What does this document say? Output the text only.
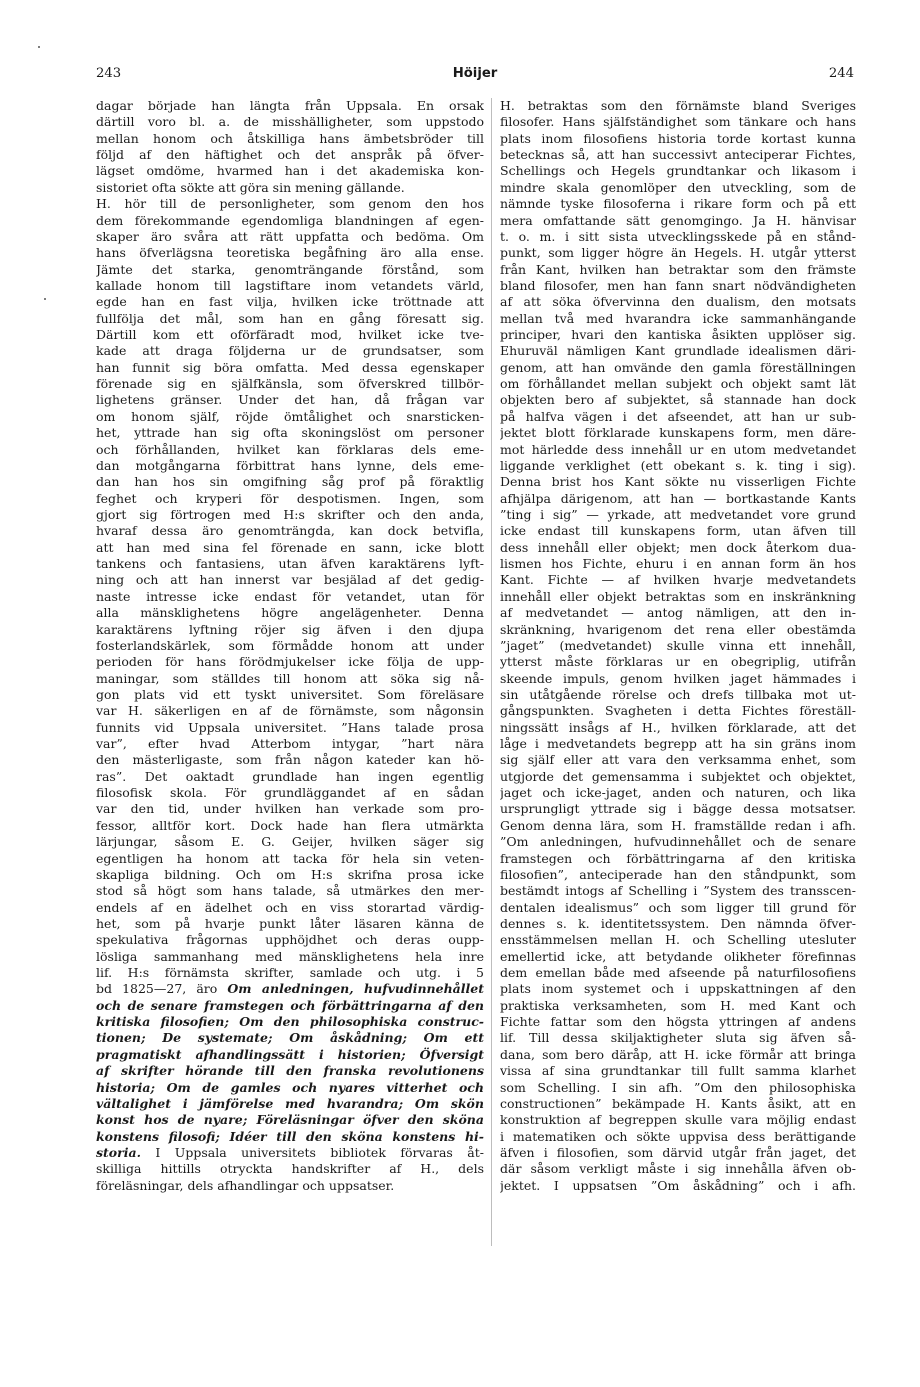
243	Höijer	244
dagar började han längta från Uppsala. En orsak
därtill voro bl. a. de misshälligheter, som uppstodo
mellan honom och åtskilliga hans ämbetsbröder till
följd af den häftighet och det anspråk på öfver-
lägset omdöme, hvarmed han i det akademiska kon-
sistoriet ofta sökte att göra sin mening gällande.
H. hör till de personligheter, som genom den hos
dem förekommande egendomliga blandningen af egen-
skaper äro svåra att rätt uppfatta och bedöma. Om
hans öfverlägsna teoretiska begåfning äro alla ense.
Jämte det starka, genomträngande förstånd, som
kallade honom till lagstiftare inom vetandets värld,
egde han en fast vilja, hvilken icke tröttnade att
fullfölja det mål, som han en gång föresatt sig.
Därtill kom ett oförfäradt mod, hvilket icke tve-
kade att draga följderna ur de grundsatser, som
han funnit sig böra omfatta. Med dessa egenskaper
förenade sig en själfkänsla, som öfverskred tillbör-
lighetens gränser. Under det han, då frågan var
om honom själf, röjde ömtålighet och snarsticken-
het, yttrade han sig ofta skoningslöst om personer
och förhållanden, hvilket kan förklaras dels eme-
dan motgångarna förbittrat hans lynne, dels eme-
dan han hos sin omgifning såg prof på föraktlig
feghet och kryperi för despotismen. Ingen, som
gjort sig förtrogen med H:s skrifter och den anda,
hvaraf dessa äro genomträngda, kan dock betvifla,
att han med sina fel förenade en sann, icke blott
tankens och fantasiens, utan äfven karaktärens lyft-
ning och att han innerst var besjälad af det gedig-
naste intresse icke endast för vetandet, utan för
alla mänsklighetens högre angelägenheter. Denna
karaktärens lyftning röjer sig äfven i den djupa
fosterlandskärlek, som förmådde honom att under
perioden för hans förödmjukelser icke följa de upp-
maningar, som ställdes till honom att söka sig nå-
gon plats vid ett tyskt universitet. Som föreläsare
var H. säkerligen en af de förnämste, som någonsin
funnits vid Uppsala universitet. ”Hans talade prosa
var”, efter hvad Atterbom intygar, ”hart nära
den mästerligaste, som från någon kateder kan hö-
ras”. Det oaktadt grundlade han ingen egentlig
filosofisk skola. För grundläggandet af en sådan
var den tid, under hvilken han verkade som pro-
fessor, alltför kort. Dock hade han flera utmärkta
lärjungar, såsom E. G. Geijer, hvilken säger sig
egentligen ha honom att tacka för hela sin veten-
skapliga bildning. Och om H:s skrifna prosa icke
stod så högt som hans talade, så utmärkes den mer-
endels af en ädelhet och en viss storartad värdig-
het, som på hvarje punkt låter läsaren känna de
spekulativa frågornas upphöjdhet och deras oupp-
lösliga sammanhang med mänsklighetens hela inre
lif. H:s förnämsta skrifter, samlade och utg. i 5
bd 1825—27, äro Om anledningen, hufvudinnehållet
och de senare framstegen och förbättringarna af den
kritiska filosofien; Om den philosophiska construc-
tionen; De systemate; Om åskådning; Om ett
pragmatiskt afhandlingssätt i historien; Öfversigt
af skrifter hörande till den franska revolutionens
historia; Om de gamles och nyares vitterhet och
vältalighet i jämförelse med hvarandra; Om skön
konst hos de nyare; Föreläsningar öfver den sköna
konstens filosofi; Idéer till den sköna konstens hi-
storia. I Uppsala universitets bibliotek förvaras åt-
skilliga hittills otryckta handskrifter af H., dels
föreläsningar, dels afhandlingar och uppsatser.
H. betraktas som den förnämste bland Sveriges
filosofer. Hans själfständighet som tänkare och hans
plats inom filosofiens historia torde kortast kunna
betecknas så, att han successivt anteciperar Fichtes,
Schellings och Hegels grundtankar och likasom i
mindre skala genomlöper den utveckling, som de
nämnde tyske filosoferna i rikare form och på ett
mera omfattande sätt genomgingo. Ja H. hänvisar
t. o. m. i sitt sista utvecklingsskede på en stånd-
punkt, som ligger högre än Hegels. H. utgår ytterst
från Kant, hvilken han betraktar som den främste
bland filosofer, men han fann snart nödvändigheten
af att söka öfvervinna den dualism, den motsats
mellan två med hvarandra icke sammanhängande
principer, hvari den kantiska åsikten upplöser sig.
Ehuruväl nämligen Kant grundlade idealismen däri-
genom, att han omvände den gamla föreställningen
om förhållandet mellan subjekt och objekt samt lät
objekten bero af subjektet, så stannade han dock
på halfva vägen i det afseendet, att han ur sub-
jektet blott förklarade kunskapens form, men däre-
mot härledde dess innehåll ur en utom medvetandet
liggande verklighet (ett obekant s. k. ting i sig).
Denna brist hos Kant sökte nu visserligen Fichte
afhjälpa därigenom, att han — bortkastande Kants
”ting i sig” — yrkade, att medvetandet vore grund
icke endast till kunskapens form, utan äfven till
dess innehåll eller objekt; men dock återkom dua-
lismen hos Fichte, ehuru i en annan form än hos
Kant. Fichte — af hvilken hvarje medvetandets
innehåll eller objekt betraktas som en inskränkning
af medvetandet — antog nämligen, att den in-
skränkning, hvarigenom det rena eller obestämda
”jaget” (medvetandet) skulle vinna ett innehåll,
ytterst måste förklaras ur en obegriplig, utifrån
skeende impuls, genom hvilken jaget hämmades i
sin utåtgående rörelse och drefs tillbaka mot ut-
gångspunkten. Svagheten i detta Fichtes föreställ-
ningssätt insågs af H., hvilken förklarade, att det
låge i medvetandets begrepp att ha sin gräns inom
sig själf eller att vara den verksamma enhet, som
utgjorde det gemensamma i subjektet och objektet,
jaget och icke-jaget, anden och naturen, och lika
ursprungligt yttrade sig i bägge dessa motsatser.
Genom denna lära, som H. framställde redan i afh.
”Om anledningen, hufvudinnehållet och de senare
framstegen och förbättringarna af den kritiska
filosofien”, anteciperade han den ståndpunkt, som
bestämdt intogs af Schelling i ”System des transscen-
dentalen idealismus” och som ligger till grund för
dennes s. k. identitetssystem. Den nämnda öfver-
ensstämmelsen mellan H. och Schelling utesluter
emellertid icke, att betydande olikheter förefinnas
dem emellan både med afseende på naturfilosofiens
plats inom systemet och i uppskattningen af den
praktiska verksamheten, som H. med Kant och
Fichte fattar som den högsta yttringen af andens
lif. Till dessa skiljaktigheter sluta sig äfven så-
dana, som bero däråp, att H. icke förmår att bringa
vissa af sina grundtankar till fullt samma klarhet
som Schelling. I sin afh. ”Om den philosophiska
constructionen” bekämpade H. Kants åsikt, att en
konstruktion af begreppen skulle vara möjlig endast
i matematiken och sökte uppvisa dess berättigande
äfven i filosofien, som därvid utgår från jaget, det
där såsom verkligt måste i sig innehålla äfven ob-
jektet. I uppsatsen ”Om åskådning” och i afh.
